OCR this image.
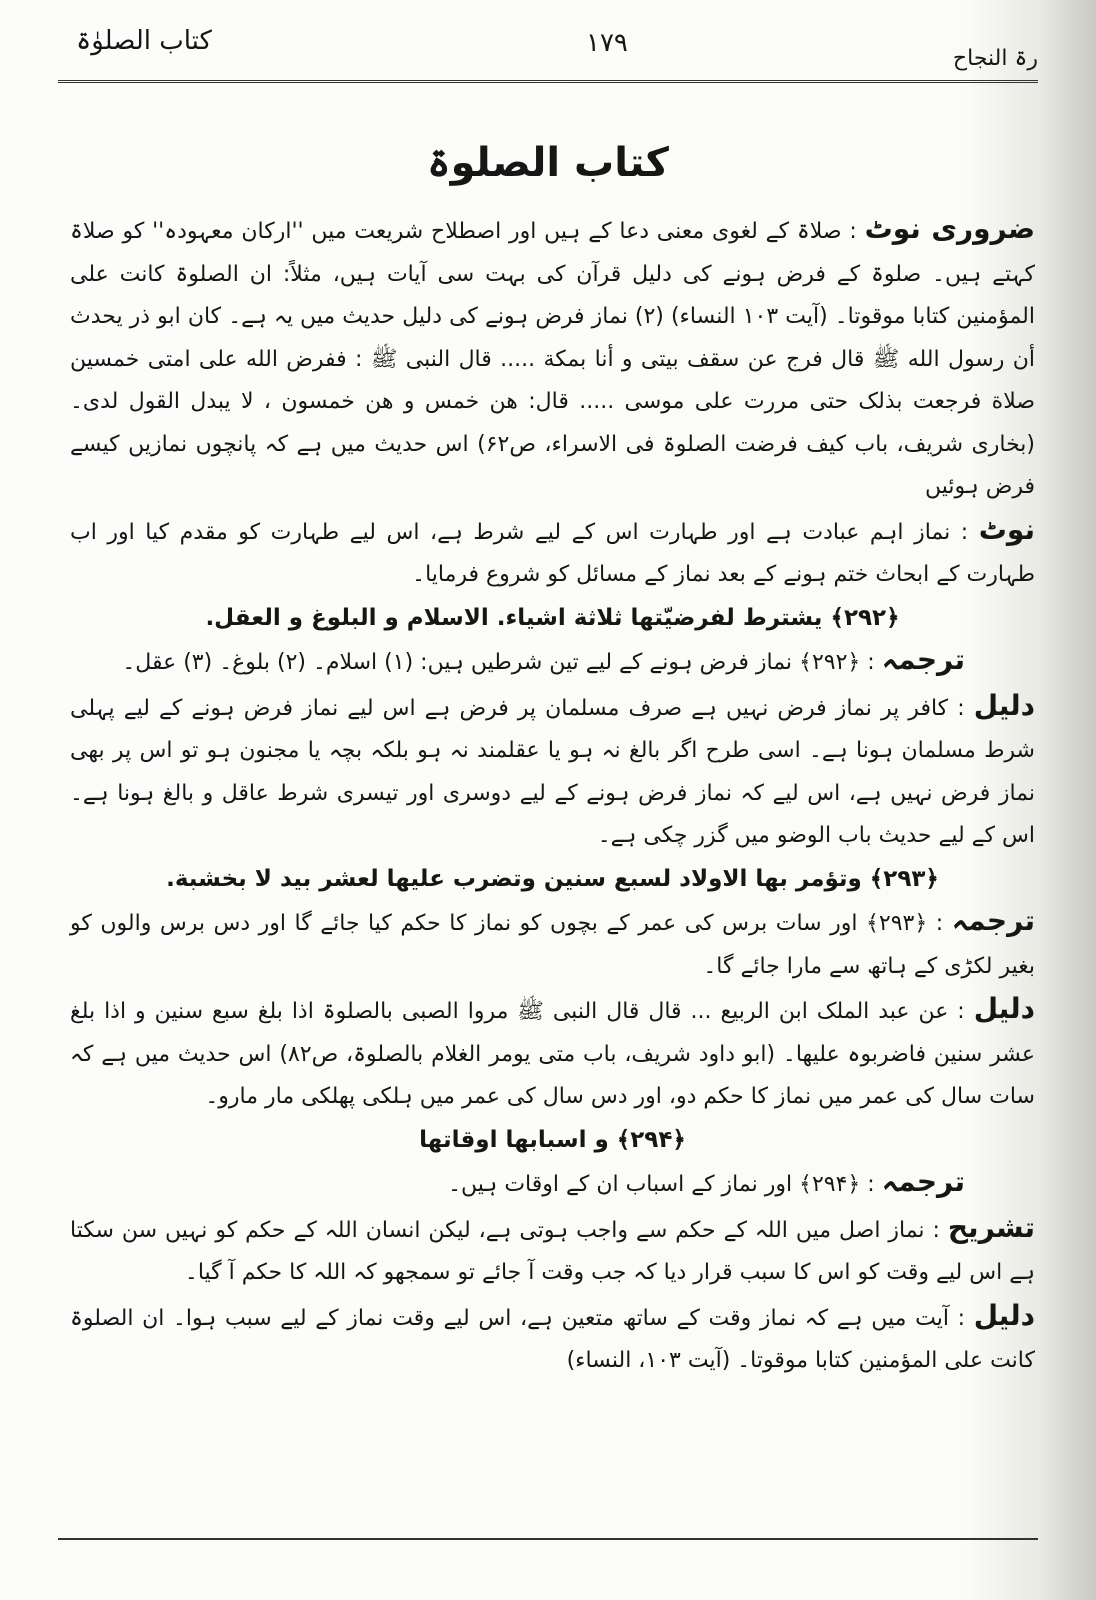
کتاب الصلوٰۃ	۱۷۹
رۃ النجاح
کتاب الصلوۃ

ضروری نوٹ : صلاۃ کے لغوی معنی دعا کے ہیں اور اصطلاح شریعت میں ''ارکان معہودہ'' کو صلاۃ کہتے ہیں۔ صلوۃ کے فرض ہونے کی دلیل قرآن کی بہت سی آیات ہیں، مثلاً: ان الصلوۃ کانت علی المؤمنین کتابا موقوتا۔ (آیت ۱۰۳ النساء) (۲) نماز فرض ہونے کی دلیل حدیث میں یہ ہے۔ کان ابو ذر یحدث أن رسول الله ﷺ قال فرج عن سقف بیتی و أنا بمکة ..... قال النبی ﷺ : ففرض الله علی امتی خمسین صلاة فرجعت بذلک حتی مررت علی موسی ..... قال: ھن خمس و ھن خمسون ، لا یبدل القول لدی۔ (بخاری شریف، باب کیف فرضت الصلوۃ فی الاسراء، ص۶۲) اس حدیث میں ہے کہ پانچوں نمازیں کیسے فرض ہوئیں

نوٹ : نماز اہم عبادت ہے اور طہارت اس کے لیے شرط ہے، اس لیے طہارت کو مقدم کیا اور اب طہارت کے ابحاث ختم ہونے کے بعد نماز کے مسائل کو شروع فرمایا۔

﴿۲۹۲﴾ یشترط لفرضیّتھا ثلاثة اشیاء. الاسلام و البلوغ و العقل.

ترجمہ : ﴿۲۹۲﴾ نماز فرض ہونے کے لیے تین شرطیں ہیں: (۱) اسلام۔ (۲) بلوغ۔ (۳) عقل۔

دلیل : کافر پر نماز فرض نہیں ہے صرف مسلمان پر فرض ہے اس لیے نماز فرض ہونے کے لیے پہلی شرط مسلمان ہونا ہے۔ اسی طرح اگر بالغ نہ ہو یا عقلمند نہ ہو بلکہ بچہ یا مجنون ہو تو اس پر بھی نماز فرض نہیں ہے، اس لیے کہ نماز فرض ہونے کے لیے دوسری اور تیسری شرط عاقل و بالغ ہونا ہے۔ اس کے لیے حدیث باب الوضو میں گزر چکی ہے۔

﴿۲۹۳﴾ وتؤمر بھا الاولاد لسبع سنین وتضرب علیھا لعشر بید لا بخشبة.

ترجمہ : ﴿۲۹۳﴾ اور سات برس کی عمر کے بچوں کو نماز کا حکم کیا جائے گا اور دس برس والوں کو بغیر لکڑی کے ہاتھ سے مارا جائے گا۔

دلیل : عن عبد الملک ابن الربیع ... قال قال النبی ﷺ مروا الصبی بالصلوۃ اذا بلغ سبع سنین و اذا بلغ عشر سنین فاضربوہ علیھا۔ (ابو داود شریف، باب متی یومر الغلام بالصلوۃ، ص۸۲) اس حدیث میں ہے کہ سات سال کی عمر میں نماز کا حکم دو، اور دس سال کی عمر میں ہلکی پھلکی مار مارو۔

﴿۲۹۴﴾ و اسبابھا اوقاتھا

ترجمہ : ﴿۲۹۴﴾ اور نماز کے اسباب ان کے اوقات ہیں۔

تشریح : نماز اصل میں اللہ کے حکم سے واجب ہوتی ہے، لیکن انسان اللہ کے حکم کو نہیں سن سکتا ہے اس لیے وقت کو اس کا سبب قرار دیا کہ جب وقت آ جائے تو سمجھو کہ اللہ کا حکم آ گیا۔

دلیل : آیت میں ہے کہ نماز وقت کے ساتھ متعین ہے، اس لیے وقت نماز کے لیے سبب ہوا۔ ان الصلوۃ کانت علی المؤمنین کتابا موقوتا۔ (آیت ۱۰۳، النساء)
